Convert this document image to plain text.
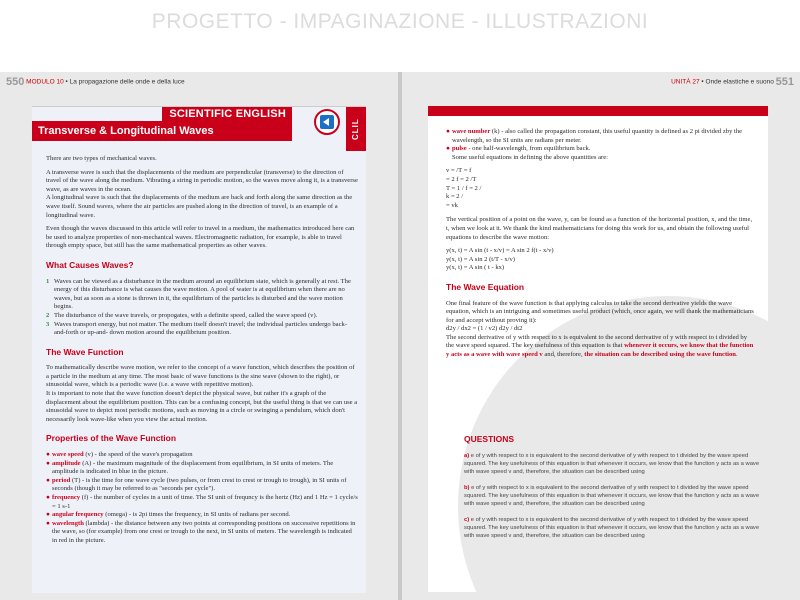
PROGETTO - IMPAGINAZIONE - ILLUSTRAZIONI
550 MODULO 10 • La propagazione delle onde e della luce
SCIENTIFIC ENGLISH
Transverse & Longitudinal Waves	CLIL

There are two types of mechanical waves.

A transverse wave is such that the displacements of the medium are perpendicular (transverse) to the direction of travel of the wave along the medium. Vibrating a string in periodic motion, so the waves move along it, is a transverse wave, as are waves in the ocean.

A longitudinal wave is such that the displacements of the medium are back and forth along the same direction as the wave itself. Sound waves, where the air particles are pushed along in the direction of travel, is an example of a longitudinal wave.

Even though the waves discussed in this article will refer to travel in a medium, the mathematics introduced here can be used to analyze properties of non-mechanical waves. Electromagnetic radiation, for example, is able to travel through empty space, but still has the same mathematical properties as other waves.

What Causes Waves?
1 Waves can be viewed as a disturbance in the medium around an equilibrium state, which is generally at rest. The energy of this disturbance is what causes the wave motion. A pool of water is at equilibrium when there are no waves, but as soon as a stone is thrown in it, the equilibrium of the particles is disturbed and the wave motion begins.
2 The disturbance of the wave travels, or propogates, with a definite speed, called the wave speed (v).
3 Waves transport energy, but not matter. The medium itself doesn't travel; the individual particles undergo back-and-forth or up-and- down motion around the equilibrium position.
The Wave Function

To mathematically describe wave motion, we refer to the concept of a wave function, which describes the position of a particle in the medium at any time. The most basic of wave functions is the sine wave (shown to the right), or sinusoidal wave, which is a periodic wave (i.e. a wave with repetitive motion).

It is important to note that the wave function doesn't depict the physical wave, but rather it's a graph of the displacement about the equilibrium position. This can be a confusing concept, but the useful thing is that we can use a sinusoidal wave to depict most periodic motions, such as moving in a circle or swinging a pendulum, which don't necessarily look wave-like when you view the actual motion.

Properties of the Wave Function
● wave speed (v) - the speed of the wave's propagation
● amplitude (A) - the maximum magnitude of the displacement from equilibrium, in SI units of meters. The amplitude is indicated in blue in the picture.
● period (T) - is the time for one wave cycle (two pulses, or from crest to crest or trough to trough), in SI units of seconds (though it may be referred to as "seconds per cycle").
● frequency (f) - the number of cycles in a unit of time. The SI unit of frequncy is the hertz (Hz) and 1 Hz = 1 cycle/s = 1 s-1
● angular frequency (omega) - is 2pi times the frequency, in SI units of radians per second.
● wavelength (lambda) - the distance between any two points at corresponding positions on successive repetitions in the wave, so (for example) from one crest or trough to the next, in SI units of meters. The wavelength is indicated in red in the picture.
UNITÀ 27 • Onde elastiche e suono 551
● wave number (k) - also called the propagation constant, this useful quantity is defined as 2 pi divided zby the wavelength, so the SI units are radians per meter.
● pulse - one half-wavelength, from equilibrium back.

Some useful equations in defining the above quantities are:

v = /T = f
= 2 f = 2 /T
T = 1 / f = 2 /
k = 2 /
= vk

The vertical position of a point on the wave, y, can be found as a function of the horizontal position, x, and the time, t, when we look at it. We thank the kind mathematicians for doing this work for us, and obtain the following useful equations to describe the wave motion:

y(x, t) = A sin (t - x/v) = A sin 2 f(t - x/v)
y(x, t) = A sin 2 (t/T - x/v)
y(x, t) = A sin ( t - kx)
The Wave Equation

One final feature of the wave function is that applying calculus to take the second derivative yields the wave equation, which is an intriguing and sometimes useful product (which, once again, we will thank the mathematicians for and accept without proving it):
d2y / dx2 = (1 / v2) d2y / dt2

The second derivative of y with respect to x is equivalent to the second derivative of y with respect to t divided by the wave speed squared. The key usefulness of this equation is that whenever it occurs, we know that the function y acts as a wave with wave speed v and, therefore, the situation can be described using the wave function.

QUESTIONS
a) e of y with respect to x is equivalent to the second derivative of y with respect to t divided by the wave speed squared. The key usefulness of this equation is that whenever it occurs, we know that the function y acts as a wave with wave speed v and, therefore, the situation can be described using
b) e of y with respect to x is equivalent to the second derivative of y with respect to t divided by the wave speed squared. The key usefulness of this equation is that whenever it occurs, we know that the function y acts as a wave with wave speed v and, therefore, the situation can be described using
c) e of y with respect to x is equivalent to the second derivative of y with respect to t divided by the wave speed squared. The key usefulness of this equation is that whenever it occurs, we know that the function y acts as a wave with wave speed v and, therefore, the situation can be described using
